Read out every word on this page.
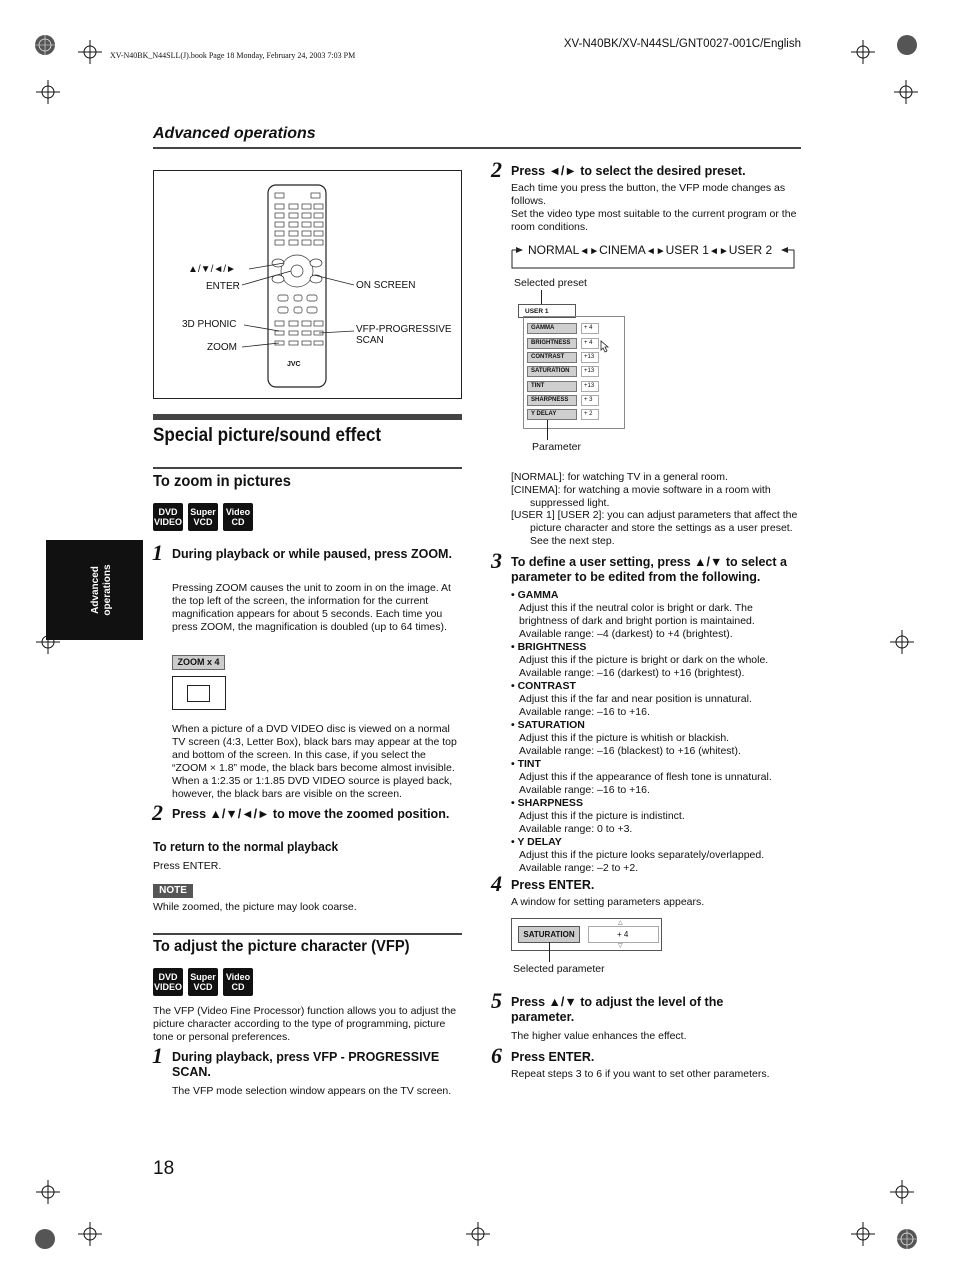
XV-N40BK_N44SLL(J).book Page 18 Monday, February 24, 2003 7:03 PM
XV-N40BK/XV-N44SL/GNT0027-001C/English
Advanced operations
Advanced operations
▲/▼/◄/►
ENTER
3D PHONIC
ZOOM
ON SCREEN
VFP-PROGRESSIVE SCAN
JVC
Special picture/sound effect
To zoom in pictures
DVD
VIDEO
Super
VCD
Video
CD
1 During playback or while paused, press ZOOM.
Pressing ZOOM causes the unit to zoom in on the image. At the top left of the screen, the information for the current magnification appears for about 5 seconds. Each time you press ZOOM, the magnification is doubled (up to 64 times).
ZOOM x 4
When a picture of a DVD VIDEO disc is viewed on a normal TV screen (4:3, Letter Box), black bars may appear at the top and bottom of the screen. In this case, if you select the “ZOOM × 1.8” mode, the black bars become almost invisible. When a 1:2.35 or 1:1.85 DVD VIDEO source is played back, however, the black bars are visible on the screen.
2 Press ▲/▼/◄/► to move the zoomed position.
To return to the normal playback
Press ENTER.
NOTE
While zoomed, the picture may look coarse.
To adjust the picture character (VFP)
DVD
VIDEO
Super
VCD
Video
CD
The VFP (Video Fine Processor) function allows you to adjust the picture character according to the type of programming, picture tone or personal preferences.
1 During playback, press VFP - PROGRESSIVE SCAN.
The VFP mode selection window appears on the TV screen.
18
2 Press ◄/► to select the desired preset.
Each time you press the button, the VFP mode changes as follows.
Set the video type most suitable to the current program or the room conditions.
NORMAL◄►CINEMA◄►USER 1◄►USER 2
Selected preset
USER 1
GAMMA	+ 4
BRIGHTNESS	+ 4
CONTRAST	+13
SATURATION	+13
TINT	+13
SHARPNESS	+ 3
Y DELAY	+ 2
Parameter
[NORMAL]: for watching TV in a general room.
[CINEMA]: for watching a movie software in a room with suppressed light.
[USER 1] [USER 2]: you can adjust parameters that affect the picture character and store the settings as a user preset. See the next step.
3 To define a user setting, press ▲/▼ to select a parameter to be edited from the following.
• GAMMA
Adjust this if the neutral color is bright or dark. The brightness of dark and bright portion is maintained.
Available range: –4 (darkest) to +4 (brightest).
• BRIGHTNESS
Adjust this if the picture is bright or dark on the whole.
Available range: –16 (darkest) to +16 (brightest).
• CONTRAST
Adjust this if the far and near position is unnatural.
Available range: –16 to +16.
• SATURATION
Adjust this if the picture is whitish or blackish.
Available range: –16 (blackest) to +16 (whitest).
• TINT
Adjust this if the appearance of flesh tone is unnatural.
Available range: –16 to +16.
• SHARPNESS
Adjust this if the picture is indistinct.
Available range: 0 to +3.
• Y DELAY
Adjust this if the picture looks separately/overlapped.
Available range: –2 to +2.
4 Press ENTER.
A window for setting parameters appears.
SATURATION	+ 4
△
▽
Selected parameter
5 Press ▲/▼ to adjust the level of the parameter.
The higher value enhances the effect.
6 Press ENTER.
Repeat steps 3 to 6 if you want to set other parameters.
